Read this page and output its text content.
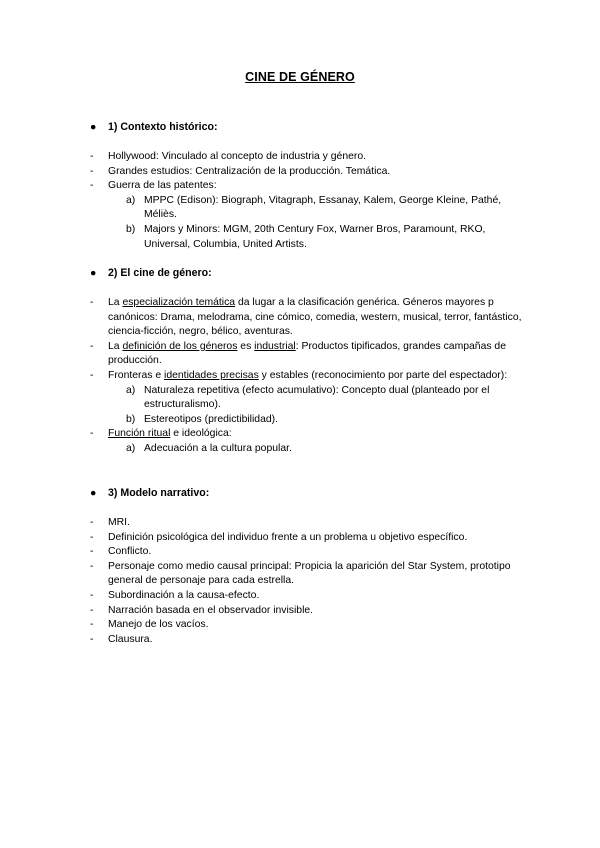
CINE DE GÉNERO
● 1) Contexto histórico:
- Hollywood: Vinculado al concepto de industria y género.
- Grandes estudios: Centralización de la producción. Temática.
- Guerra de las patentes:
a) MPPC (Edison): Biograph, Vitagraph, Essanay, Kalem, George Kleine, Pathé, Méliès.
b) Majors y Minors: MGM, 20th Century Fox, Warner Bros, Paramount, RKO, Universal, Columbia, United Artists.
● 2) El cine de género:
- La especialización temática da lugar a la clasificación genérica. Géneros mayores p canónicos: Drama, melodrama, cine cómico, comedia, western, musical, terror, fantástico, ciencia-ficción, negro, bélico, aventuras.
- La definición de los géneros es industrial: Productos tipificados, grandes campañas de producción.
- Fronteras e identidades precisas y estables (reconocimiento por parte del espectador):
a) Naturaleza repetitiva (efecto acumulativo): Concepto dual (planteado por el estructuralismo).
b) Estereotipos (predictibilidad).
- Función ritual e ideológica:
a) Adecuación a la cultura popular.
● 3) Modelo narrativo:
- MRI.
- Definición psicológica del individuo frente a un problema u objetivo específico.
- Conflicto.
- Personaje como medio causal principal: Propicia la aparición del Star System, prototipo general de personaje para cada estrella.
- Subordinación a la causa-efecto.
- Narración basada en el observador invisible.
- Manejo de los vacíos.
- Clausura.
